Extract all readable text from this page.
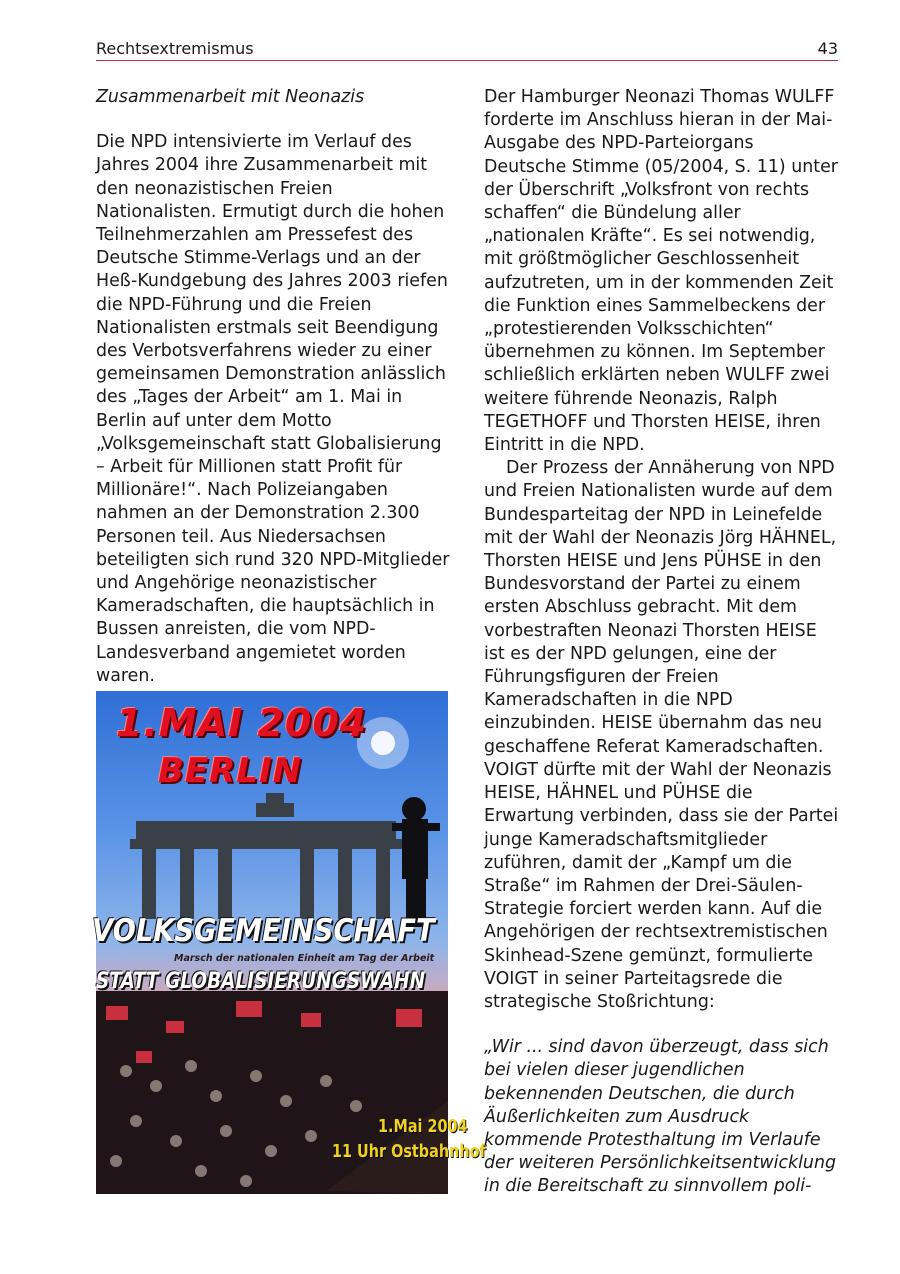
Rechtsextremismus	43
Zusammenarbeit mit Neonazis

Die NPD intensivierte im Verlauf des Jahres 2004 ihre Zusammenarbeit mit den neonazistischen Freien Nationalisten. Ermutigt durch die hohen Teilnehmerzahlen am Pressefest des Deutsche Stimme-Verlags und an der Heß-Kundgebung des Jahres 2003 riefen die NPD-Führung und die Freien Nationalisten erstmals seit Beendigung des Verbotsverfahrens wieder zu einer gemeinsamen Demonstration anlässlich des „Tages der Arbeit“ am 1. Mai in Berlin auf unter dem Motto „Volksgemeinschaft statt Globalisierung – Arbeit für Millionen statt Profit für Millionäre!“. Nach Polizeiangaben nahmen an der Demonstration 2.300 Personen teil. Aus Niedersachsen beteiligten sich rund 320 NPD-Mitglieder und Angehörige neonazistischer Kameradschaften, die hauptsächlich in Bussen anreisten, die vom NPD-Landesverband angemietet worden waren.

1.MAI 2004
BERLIN
VOLKSGEMEINSCHAFT
Marsch der nationalen Einheit am Tag der Arbeit
STATT GLOBALISIERUNGSWAHN
1.Mai 2004
11 Uhr Ostbahnhof

Der Hamburger Neonazi Thomas WULFF forderte im Anschluss hieran in der Mai-Ausgabe des NPD-Parteiorgans Deutsche Stimme (05/2004, S. 11) unter der Überschrift „Volksfront von rechts schaffen“ die Bündelung aller „nationalen Kräfte“. Es sei notwendig, mit größtmöglicher Geschlossenheit aufzutreten, um in der kommenden Zeit die Funktion eines Sammelbeckens der „protestierenden Volksschichten“ übernehmen zu können. Im September schließlich erklärten neben WULFF zwei weitere führende Neonazis, Ralph TEGETHOFF und Thorsten HEISE, ihren Eintritt in die NPD.

Der Prozess der Annäherung von NPD und Freien Nationalisten wurde auf dem Bundesparteitag der NPD in Leinefelde mit der Wahl der Neonazis Jörg HÄHNEL, Thorsten HEISE und Jens PÜHSE in den Bundesvorstand der Partei zu einem ersten Abschluss gebracht. Mit dem vorbestraften Neonazi Thorsten HEISE ist es der NPD gelungen, eine der Führungsfiguren der Freien Kameradschaften in die NPD einzubinden. HEISE übernahm das neu geschaffene Referat Kameradschaften. VOIGT dürfte mit der Wahl der Neonazis HEISE, HÄHNEL und PÜHSE die Erwartung verbinden, dass sie der Partei junge Kameradschaftsmitglieder zuführen, damit der „Kampf um die Straße“ im Rahmen der Drei-Säulen-Strategie forciert werden kann. Auf die Angehörigen der rechtsextremistischen Skinhead-Szene gemünzt, formulierte VOIGT in seiner Parteitagsrede die strategische Stoßrichtung:

„Wir ... sind davon überzeugt, dass sich bei vielen dieser jugendlichen bekennenden Deutschen, die durch Äußerlichkeiten zum Ausdruck kommende Protesthaltung im Verlaufe der weiteren Persönlichkeitsentwicklung in die Bereitschaft zu sinnvollem poli-
